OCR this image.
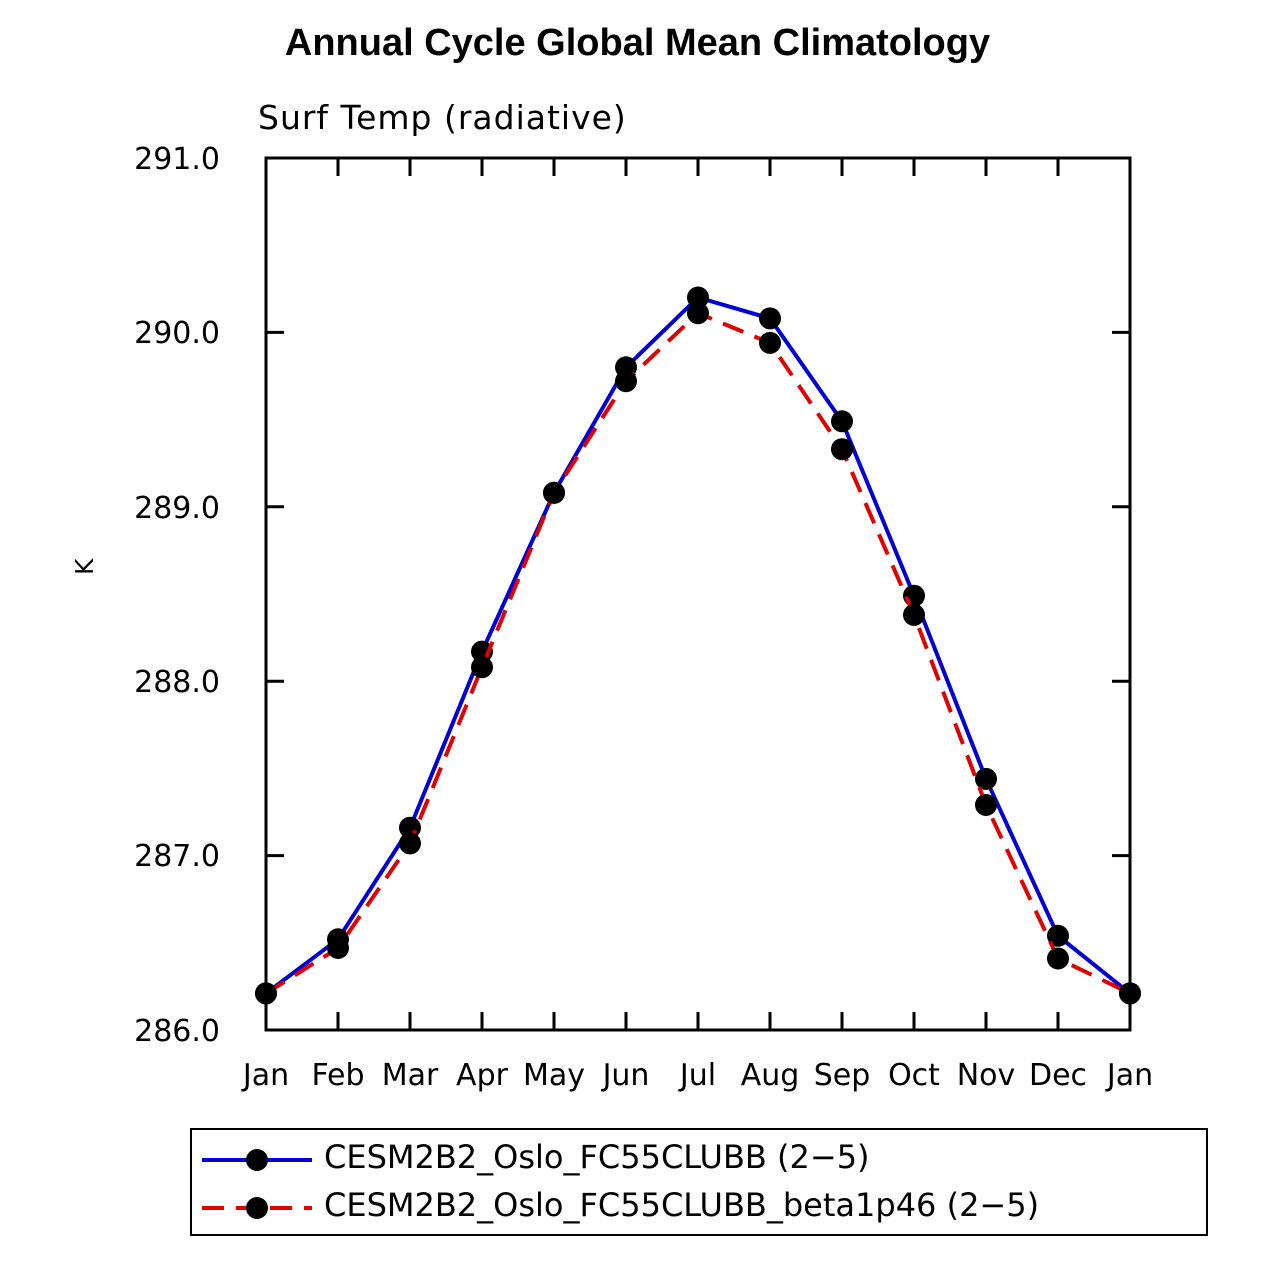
Annual Cycle Global Mean Climatology
Surf Temp (radiative)
K
286.0
287.0
288.0
289.0
290.0
291.0
Jan Feb Mar Apr May Jun	Jul Aug Sep Oct Nov Dec Jan
CESM2B2_Oslo_FC55CLUBB (2−5)
CESM2B2_Oslo_FC55CLUBB_beta1p46 (2−5)
